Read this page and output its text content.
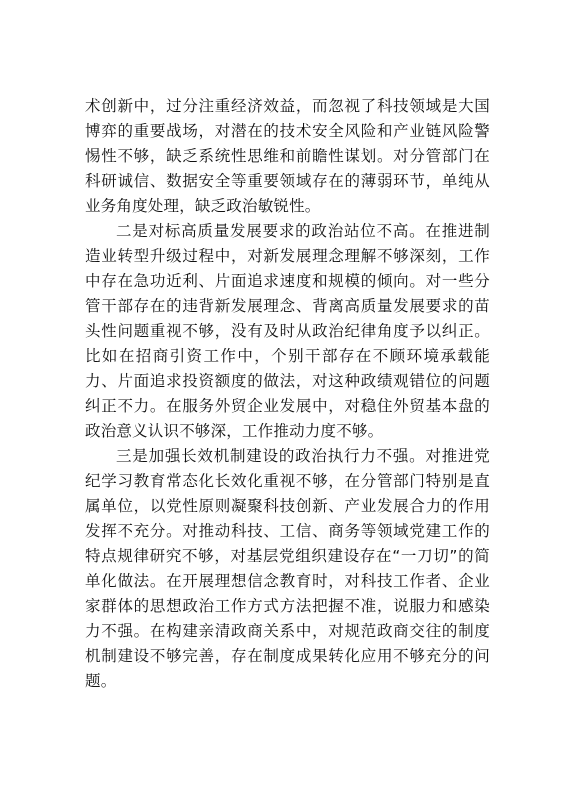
术创新中，过分注重经济效益，而忽视了科技领域是大国博弈的重要战场，对潜在的技术安全风险和产业链风险警惕性不够，缺乏系统性思维和前瞻性谋划。对分管部门在科研诚信、数据安全等重要领域存在的薄弱环节，单纯从业务角度处理，缺乏政治敏锐性。

二是对标高质量发展要求的政治站位不高。在推进制造业转型升级过程中，对新发展理念理解不够深刻，工作中存在急功近利、片面追求速度和规模的倾向。对一些分管干部存在的违背新发展理念、背离高质量发展要求的苗头性问题重视不够，没有及时从政治纪律角度予以纠正。比如在招商引资工作中，个别干部存在不顾环境承载能力、片面追求投资额度的做法，对这种政绩观错位的问题纠正不力。在服务外贸企业发展中，对稳住外贸基本盘的政治意义认识不够深，工作推动力度不够。

三是加强长效机制建设的政治执行力不强。对推进党纪学习教育常态化长效化重视不够，在分管部门特别是直属单位，以党性原则凝聚科技创新、产业发展合力的作用发挥不充分。对推动科技、工信、商务等领域党建工作的特点规律研究不够，对基层党组织建设存在“一刀切”的简单化做法。在开展理想信念教育时，对科技工作者、企业家群体的思想政治工作方式方法把握不准，说服力和感染力不强。在构建亲清政商关系中，对规范政商交往的制度机制建设不够完善，存在制度成果转化应用不够充分的问题。
